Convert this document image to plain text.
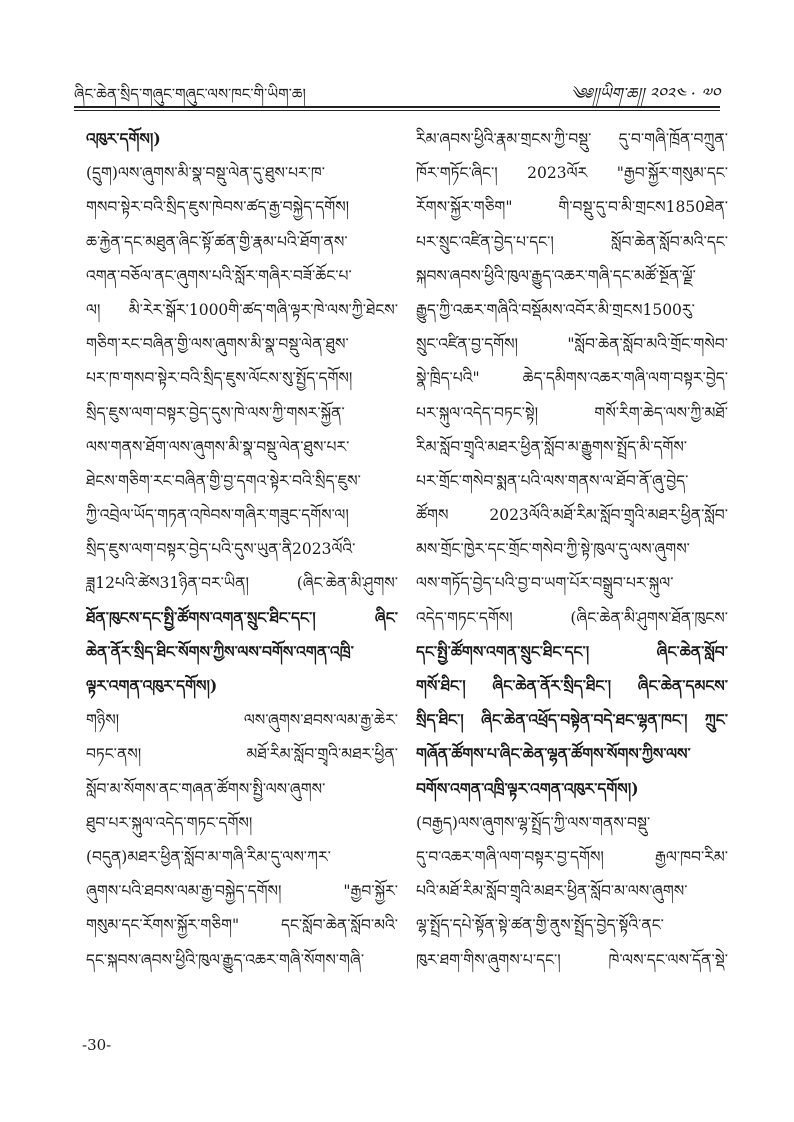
ཞིང་ཆེན་སྲིད་གཞུང་གཞུང་ལས་ཁང་གི་ཡིག་ཆ།	༄༅།།ཡིག་ཆ།། ༢༠༢༤ · ༧༠
འཁུར་དགོས།)
(དྲུག)ལས་ཞུགས་མི་སྣ་བསྡུ་ལེན་དུ་ཐུས་པར་ཁ་
གསབ་སྟེར་བའི་སྲིད་ཇུས་ཁེབས་ཚད་རྒྱ་བསྐྱེད་དགོས།
ཆ་རྐྱེན་དང་མཐུན་ཞིང་སྟོ་ཚན་གྱི་རྣམ་པའི་ཐོག་ནས་
འགན་བཅོལ་ནང་ཞུགས་པའི་སློར་གཞིར་བཟོ་ཆོང་པ་
ལ། མི་རེར་སྒོར་1000གི་ཚད་གཞི་ལྟར་ཁེ་ལས་ཀྱི་ཐེངས་
གཅིག་རང་བཞིན་གྱི་ལས་ཞུགས་མི་སྣ་བསྡུ་ལེན་ཐུས་
པར་ཁ་གསབ་སྟེར་བའི་སྲིད་ཇུས་ལོངས་སུ་སྤྱོད་དགོས།
སྲིད་ཇུས་ལག་བསྟར་བྱེད་དུས་ཁེ་ལས་ཀྱི་གསར་སྐྱོན་
ལས་གནས་ཐོག་ལས་ཞུགས་མི་སྣ་བསྡུ་ལེན་ཐུས་པར་
ཐེངས་གཅིག་རང་བཞིན་གྱི་བྱ་དགའ་སྟེར་བའི་སྲིད་ཇུས་
ཀྱི་འབྲེལ་ཡོད་གཏན་འཁེབས་གཞིར་གཟུང་དགོས་ལ།
སྲིད་ཇུས་ལག་བསྟར་བྱེད་པའི་དུས་ཡུན་ནི2023ལོའི་
ཟླ12པའི་ཚེས31ཉིན་བར་ཡིན། (ཞིང་ཆེན་མི་ཤུགས་
ཐོན་ཁུངས་དང་སྤྱི་ཚོགས་འགན་སྲུང་ཐིང་དང་། ཞིང་
ཆེན་ནོར་སྲིད་ཐིང་སོགས་ཀྱིས་ལས་བགོས་འགན་འཁྲི་
ལྟར་འགན་འཁུར་དགོས།)
གཉིས། ལས་ཞུགས་ཐབས་ལམ་རྒྱ་ཆེར་
བཏང་ནས། མཐོ་རིམ་སློབ་གྲྭའི་མཐར་ཕྱིན་
སློབ་མ་སོགས་ནང་གཞན་ཚོགས་སྤྱི་ལས་ཞུགས་
ཐུབ་པར་སྐུལ་འདེད་གཏང་དགོས།
(བདུན)མཐར་ཕྱིན་སློབ་མ་གཞི་རིམ་དུ་ལས་ཀར་
ཞུགས་པའི་ཐབས་ལམ་རྒྱ་བསྐྱེད་དགོས། "རྒྱབ་སྐྱོར་
གསུམ་དང་རོགས་སྐྱོར་གཅིག" དང་སློབ་ཆེན་སློབ་མའི་
དང་སྐབས་ཞབས་ཕྱིའི་ཁུལ་རྒྱུད་འཆར་གཞི་སོགས་གཞི་
རིམ་ཞབས་ཕྱིའི་རྣམ་གྲངས་ཀྱི་བསྡུ་ དུ་བ་གཞི་ཁྲོན་བཀྲུན་
ཁོར་གཏོང་ཞིང་། 2023ལོར "རྒྱབ་སྐྱོར་གསུམ་དང་
རོགས་སྐྱོར་གཅིག" གི་བསྡུ་དུ་བ་མི་གྲངས1850ཐེན་
པར་སྲུང་འཛིན་བྱེད་པ་དང་། སློབ་ཆེན་སློབ་མའི་དང་
སྐབས་ཞབས་ཕྱིའི་ཁུལ་རྒྱུད་འཆར་གཞི་དང་མཚོ་སྔོན་ལྗོ་
རྒྱུད་ཀྱི་འཆར་གཞིའི་བསྡོམས་འབོར་མི་གྲངས1500རུ་
སྲུང་འཛིན་བྱ་དགོས། "སློབ་ཆེན་སློབ་མའི་གྲོང་གསེབ་
སྣེ་ཁྲིད་པའི" ཆེད་དམིགས་འཆར་གཞི་ལག་བསྟར་བྱེད་
པར་སྐུལ་འདེད་བཏང་སྟེ། གསོ་རིག་ཆེད་ལས་ཀྱི་མཐོ་
རིམ་སློབ་གྲྭའི་མཐར་ཕྱིན་སློབ་མ་རྒྱུགས་སྤྲོད་མི་དགོས་
པར་གྲོང་གསེབ་སྨན་པའི་ལས་གནས་ལ་ཐོབ་ནོ་ཞུ་བྱེད་
ཚོགས 2023ལོའི་མཐོ་རིམ་སློབ་གྲྭའི་མཐར་ཕྱིན་སློབ་
མས་གྲོང་ཁྱེར་དང་གྲོང་གསེབ་ཀྱི་སྟེ་ཁུལ་དུ་ལས་ཞུགས་
ལས་གཏོད་བྱེད་པའི་བྱ་བ་ཡག་པོར་བསྒྲུབ་པར་སྐུལ་
འདེད་གཏང་དགོས། (ཞིང་ཆེན་མི་ཤུགས་ཐོན་ཁུངས་
དང་སྤྱི་ཚོགས་འགན་སྲུང་ཐིང་དང་། ཞིང་ཆེན་སློབ་
གསོ་ཐིང་། ཞིང་ཆེན་ནོར་སྲིད་ཐིང་། ཞིང་ཆེན་དམངས་
སྲིད་ཐིང་། ཞིང་ཆེན་འཕྲོད་བསྟེན་བདེ་ཐང་ལྷན་ཁང་། ཀྲུང་
གཞོན་ཚོགས་པ་ཞིང་ཆེན་ལྷན་ཚོགས་སོགས་ཀྱིས་ལས་
བགོས་འགན་འཁྲི་ལྟར་འགན་འཁུར་དགོས།)
(བརྒྱད)ལས་ཞུགས་ལྷ་སྤྲོད་ཀྱི་ལས་གནས་བསྡུ་
དུ་བ་འཆར་གཞི་ལག་བསྟར་བྱ་དགོས། རྒྱལ་ཁབ་རིམ་
པའི་མཐོ་རིམ་སློབ་གྲྭའི་མཐར་ཕྱིན་སློབ་མ་ལས་ཞུགས་
ལྷ་སྤྲོད་དཔེ་སྟོན་སྟེ་ཚན་གྱི་ནུས་སྤྲོད་བྱེད་སྟོའི་ནང་
ཁུར་ཐག་གིས་ཞུགས་པ་དང་། ཁེ་ལས་དང་ལས་དོན་སྡེ་
-30-
